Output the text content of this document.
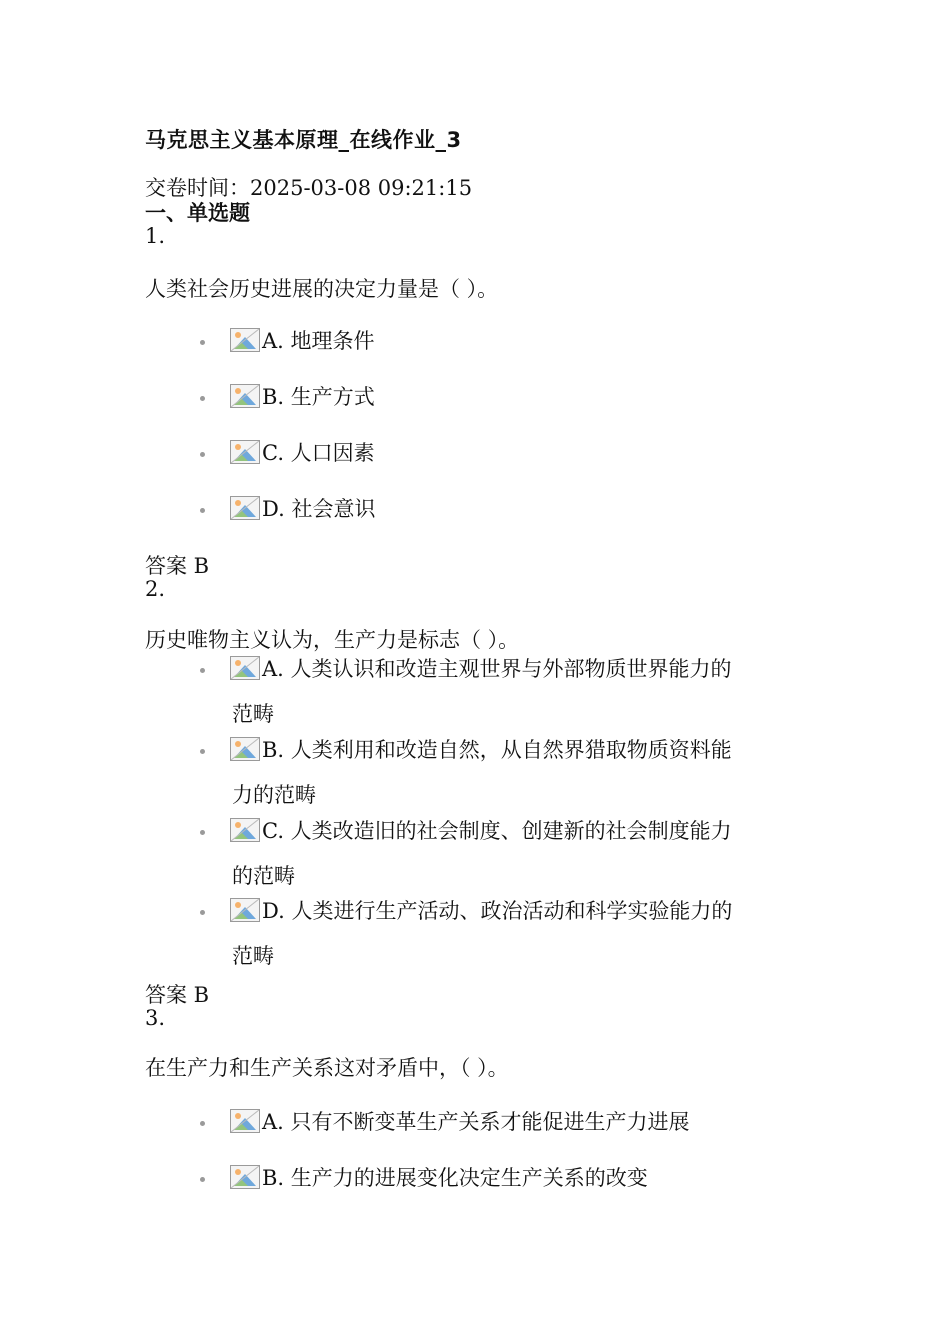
马克思主义基本原理_在线作业_3
交卷时间：2025-03-08 09:21:15
一、单选题
1.
人类社会历史进展的决定力量是（ ）。
A. 地理条件
B. 生产方式
C. 人口因素
D. 社会意识
答案 B
2.
历史唯物主义认为，生产力是标志（ ）。
A. 人类认识和改造主观世界与外部物质世界能力的
范畴
B. 人类利用和改造自然，从自然界猎取物质资料能
力的范畴
C. 人类改造旧的社会制度、创建新的社会制度能力
的范畴
D. 人类进行生产活动、政治活动和科学实验能力的
范畴
答案 B
3.
在生产力和生产关系这对矛盾中，（ ）。
A. 只有不断变革生产关系才能促进生产力进展
B. 生产力的进展变化决定生产关系的改变
